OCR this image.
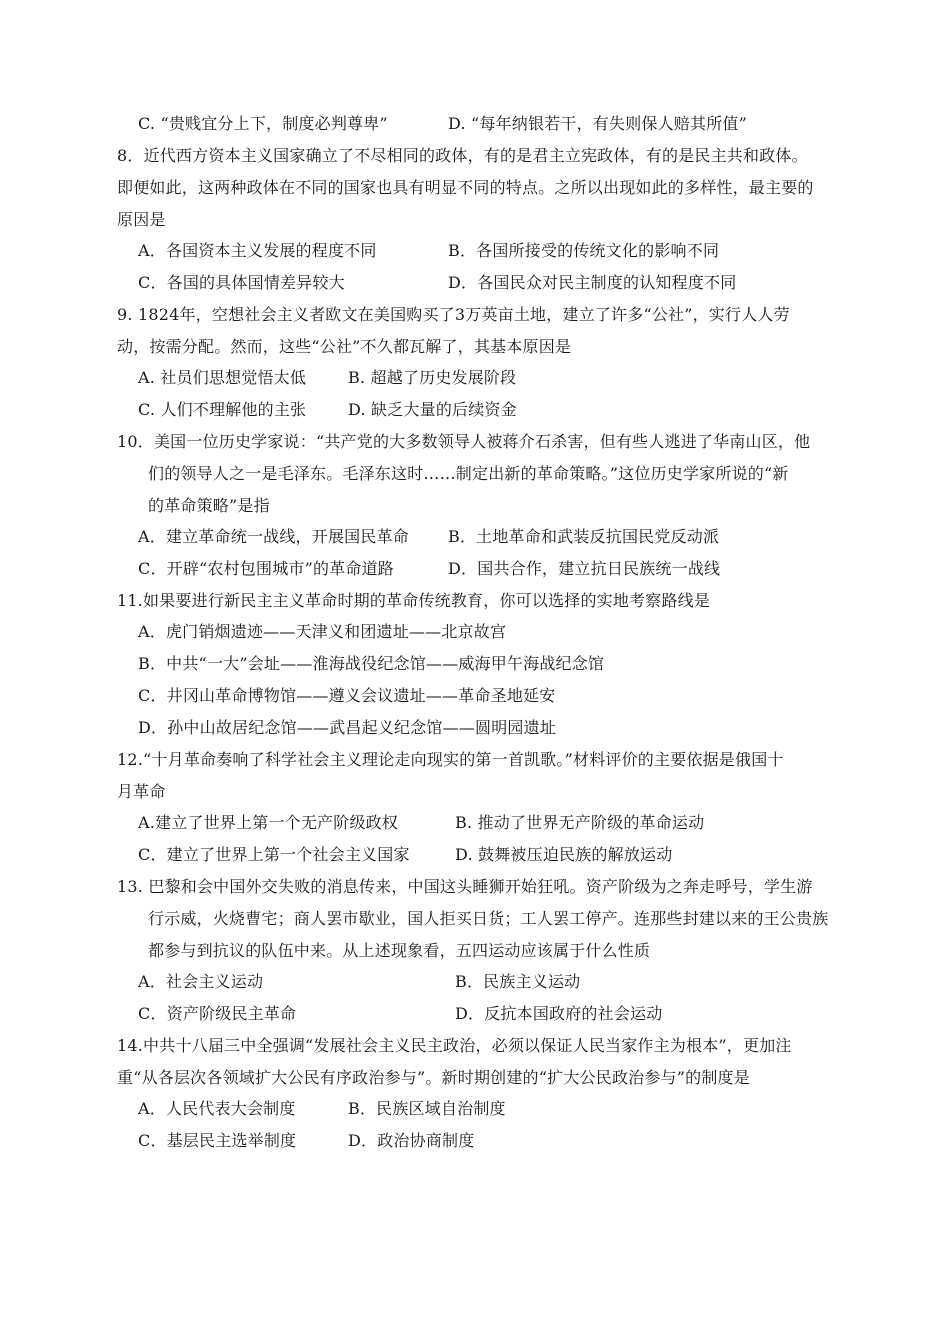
C. “贵贱宜分上下，制度必判尊卑”	D. “每年纳银若干，有失则保人赔其所值”
8．近代西方资本主义国家确立了不尽相同的政体，有的是君主立宪政体，有的是民主共和政体。
即便如此，这两种政体在不同的国家也具有明显不同的特点。之所以出现如此的多样性，最主要的
原因是
A．各国资本主义发展的程度不同	B．各国所接受的传统文化的影响不同
C．各国的具体国情差异较大	D．各国民众对民主制度的认知程度不同
9. 1824年，空想社会主义者欧文在美国购买了3万英亩土地，建立了许多“公社”，实行人人劳
动，按需分配。然而，这些“公社”不久都瓦解了，其基本原因是
A. 社员们思想觉悟太低	B. 超越了历史发展阶段
C. 人们不理解他的主张	D. 缺乏大量的后续资金
10．美国一位历史学家说：“共产党的大多数领导人被蒋介石杀害，但有些人逃进了华南山区，他
们的领导人之一是毛泽东。毛泽东这时……制定出新的革命策略。”这位历史学家所说的“新
的革命策略”是指
A．建立革命统一战线，开展国民革命 B．土地革命和武装反抗国民党反动派
C．开辟“农村包围城市”的革命道路	D．国共合作，建立抗日民族统一战线
11.如果要进行新民主主义革命时期的革命传统教育，你可以选择的实地考察路线是
A．虎门销烟遗迹——天津义和团遗址——北京故宫
B．中共“一大”会址——淮海战役纪念馆——威海甲午海战纪念馆
C．井冈山革命博物馆——遵义会议遗址——革命圣地延安
D．孙中山故居纪念馆——武昌起义纪念馆——圆明园遗址
12.“十月革命奏响了科学社会主义理论走向现实的第一首凯歌。”材料评价的主要依据是俄国十
月革命
A.建立了世界上第一个无产阶级政权	B. 推动了世界无产阶级的革命运动
C．建立了世界上第一个社会主义国家	D. 鼓舞被压迫民族的解放运动
13. 巴黎和会中国外交失败的消息传来，中国这头睡狮开始狂吼。资产阶级为之奔走呼号，学生游
行示威，火烧曹宅；商人罢市歇业，国人拒买日货；工人罢工停产。连那些封建以来的王公贵族
都参与到抗议的队伍中来。从上述现象看，五四运动应该属于什么性质
A．社会主义运动	B．民族主义运动
C．资产阶级民主革命	D．反抗本国政府的社会运动
14.中共十八届三中全强调“发展社会主义民主政治，必须以保证人民当家作主为根本”，更加注
重“从各层次各领域扩大公民有序政治参与”。新时期创建的“扩大公民政治参与”的制度是
A．人民代表大会制度	B．民族区域自治制度
C．基层民主选举制度	D．政治协商制度
